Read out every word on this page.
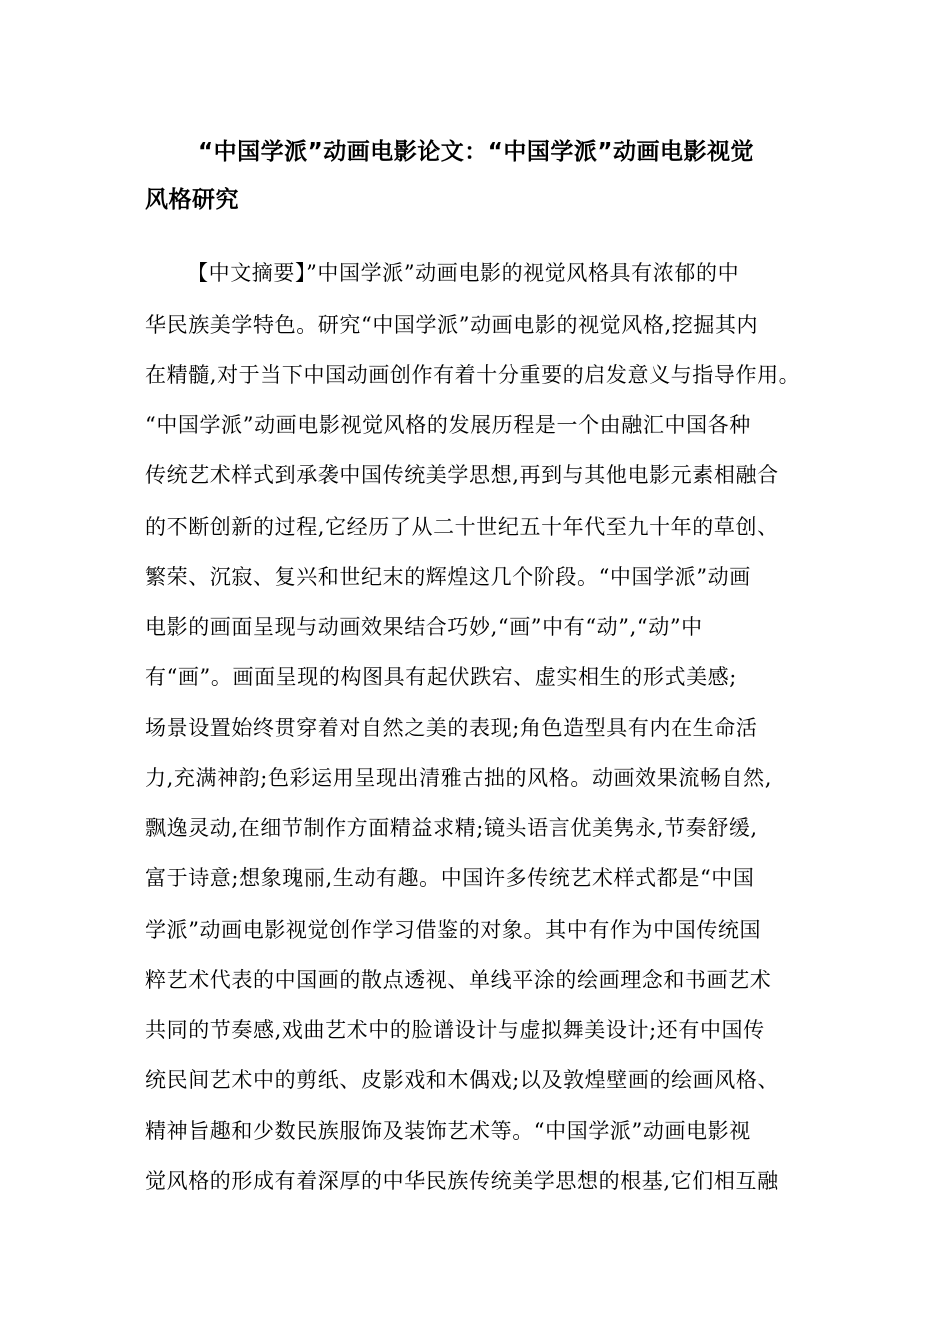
“中国学派”动画电影论文：“中国学派”动画电影视觉
风格研究
【中文摘要】”中国学派”动画电影的视觉风格具有浓郁的中
华民族美学特色。研究“中国学派”动画电影的视觉风格,挖掘其内
在精髓,对于当下中国动画创作有着十分重要的启发意义与指导作用。
“中国学派”动画电影视觉风格的发展历程是一个由融汇中国各种
传统艺术样式到承袭中国传统美学思想,再到与其他电影元素相融合
的不断创新的过程,它经历了从二十世纪五十年代至九十年的草创、
繁荣、沉寂、复兴和世纪末的辉煌这几个阶段。“中国学派”动画
电影的画面呈现与动画效果结合巧妙,“画”中有“动”,“动”中
有“画”。画面呈现的构图具有起伏跌宕、虚实相生的形式美感;
场景设置始终贯穿着对自然之美的表现;角色造型具有内在生命活
力,充满神韵;色彩运用呈现出清雅古拙的风格。动画效果流畅自然,
飘逸灵动,在细节制作方面精益求精;镜头语言优美隽永,节奏舒缓,
富于诗意;想象瑰丽,生动有趣。中国许多传统艺术样式都是“中国
学派”动画电影视觉创作学习借鉴的对象。其中有作为中国传统国
粹艺术代表的中国画的散点透视、单线平涂的绘画理念和书画艺术
共同的节奏感,戏曲艺术中的脸谱设计与虚拟舞美设计;还有中国传
统民间艺术中的剪纸、皮影戏和木偶戏;以及敦煌壁画的绘画风格、
精神旨趣和少数民族服饰及装饰艺术等。“中国学派”动画电影视
觉风格的形成有着深厚的中华民族传统美学思想的根基,它们相互融
